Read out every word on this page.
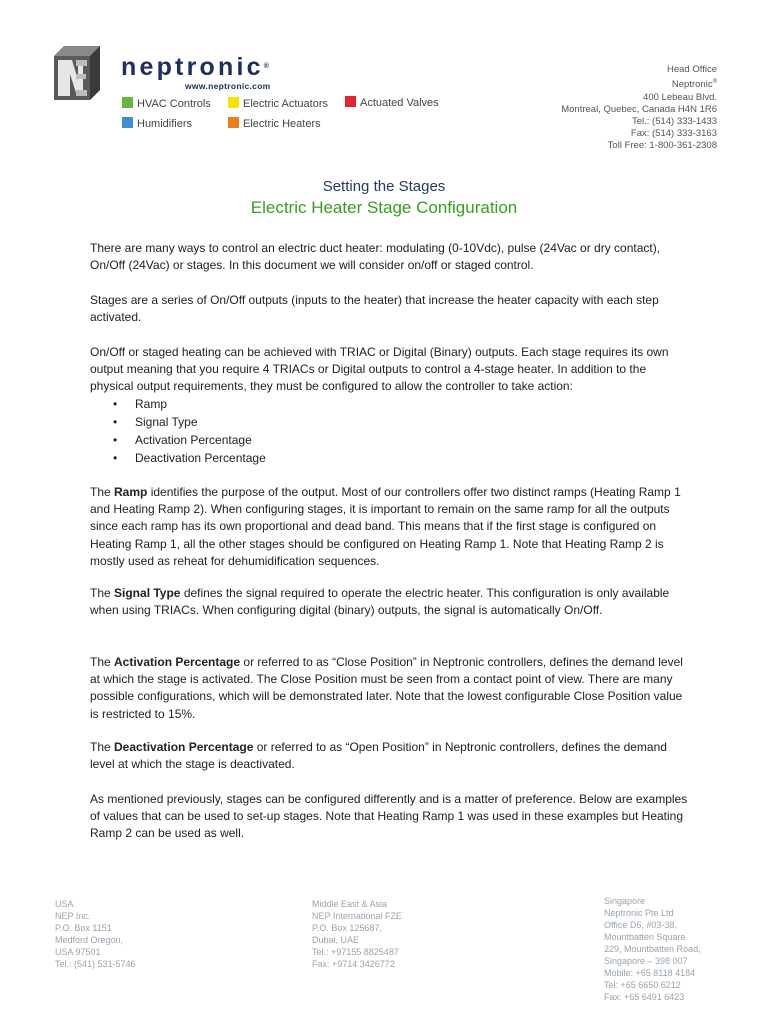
neptronic®
www.neptronic.com
HVAC Controls	Electric Actuators	Actuated Valves
Humidifiers	Electric Heaters
Head Office
Neptronic®
400 Lebeau Blvd.
Montreal, Quebec, Canada H4N 1R6
Tel.: (514) 333-1433
Fax: (514) 333-3163
Toll Free: 1-800-361-2308
Setting the Stages
Electric Heater Stage Configuration

There are many ways to control an electric duct heater: modulating (0-10Vdc), pulse (24Vac or dry contact), On/Off (24Vac) or stages. In this document we will consider on/off or staged control.

Stages are a series of On/Off outputs (inputs to the heater) that increase the heater capacity with each step activated.

On/Off or staged heating can be achieved with TRIAC or Digital (Binary) outputs. Each stage requires its own output meaning that you require 4 TRIACs or Digital outputs to control a 4-stage heater. In addition to the physical output requirements, they must be configured to allow the controller to take action:

• Ramp
• Signal Type
• Activation Percentage
• Deactivation Percentage

The Ramp identifies the purpose of the output. Most of our controllers offer two distinct ramps (Heating Ramp 1 and Heating Ramp 2). When configuring stages, it is important to remain on the same ramp for all the outputs since each ramp has its own proportional and dead band. This means that if the first stage is configured on Heating Ramp 1, all the other stages should be configured on Heating Ramp 1. Note that Heating Ramp 2 is mostly used as reheat for dehumidification sequences.

The Signal Type defines the signal required to operate the electric heater. This configuration is only available when using TRIACs. When configuring digital (binary) outputs, the signal is automatically On/Off.

The Activation Percentage or referred to as “Close Position” in Neptronic controllers, defines the demand level at which the stage is activated. The Close Position must be seen from a contact point of view. There are many possible configurations, which will be demonstrated later. Note that the lowest configurable Close Position value is restricted to 15%.

The Deactivation Percentage or referred to as “Open Position” in Neptronic controllers, defines the demand level at which the stage is deactivated.

As mentioned previously, stages can be configured differently and is a matter of preference. Below are examples of values that can be used to set-up stages. Note that Heating Ramp 1 was used in these examples but Heating Ramp 2 can be used as well.

USA
NEP Inc.
P.O. Box 1151
Medford Oregon,
USA 97501
Tel.: (541) 531-5746
Middle East & Asia
NEP International FZE
P.O. Box 125687,
Dubai, UAE
Tel.: +97155 8825487
Fax: +9714 3426772
Singapore
Neptronic Pte Ltd
Office D6, #03-38,
Mountbatten Square
229, Mountbatten Road,
Singapore – 398 007
Mobile: +65 8118 4184
Tel: +65 6650 6212
Fax: +65 6491 6423
